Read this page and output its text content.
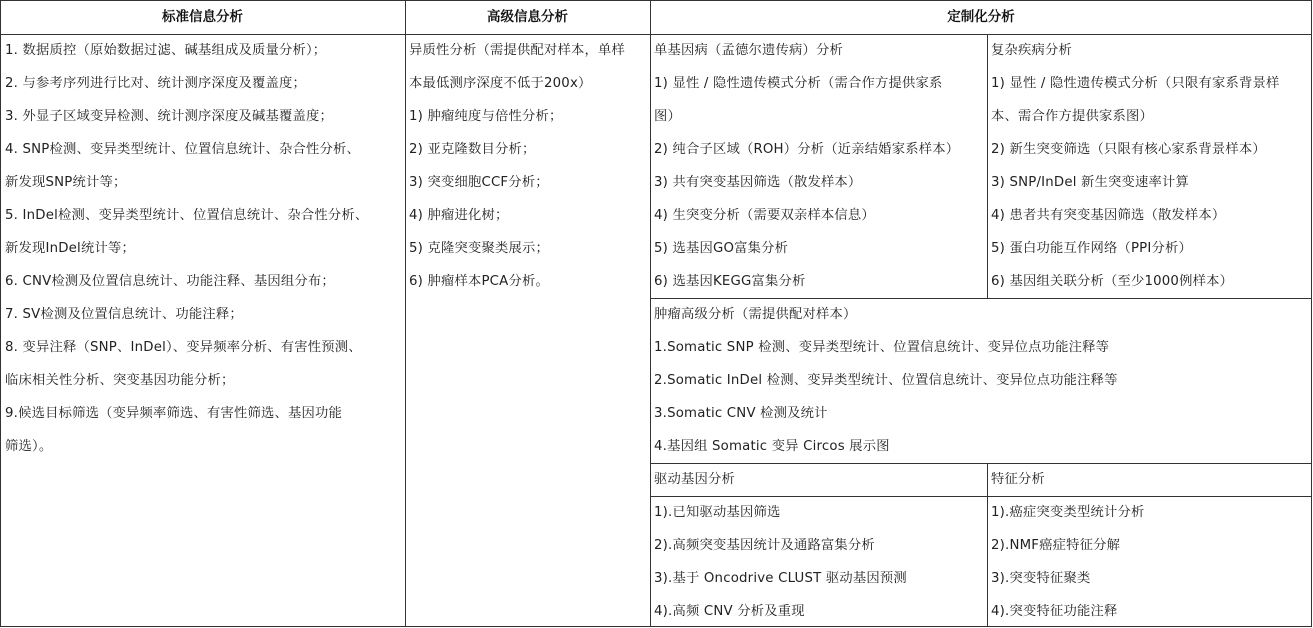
标准信息分析	高级信息分析	定制化分析
1. 数据质控（原始数据过滤、碱基组成及质量分析）；
2. 与参考序列进行比对、统计测序深度及覆盖度；
3. 外显子区域变异检测、统计测序深度及碱基覆盖度；
4. SNP检测、变异类型统计、位置信息统计、杂合性分析、
新发现SNP统计等；
5. InDel检测、变异类型统计、位置信息统计、杂合性分析、
新发现InDel统计等；
6. CNV检测及位置信息统计、功能注释、基因组分布；
7. SV检测及位置信息统计、功能注释；
8. 变异注释（SNP、InDel）、变异频率分析、有害性预测、
临床相关性分析、突变基因功能分析；
9.候选目标筛选（变异频率筛选、有害性筛选、基因功能
筛选）。
异质性分析（需提供配对样本，单样
本最低测序深度不低于200x）
1) 肿瘤纯度与倍性分析；
2) 亚克隆数目分析；
3) 突变细胞CCF分析；
4) 肿瘤进化树；
5) 克隆突变聚类展示；
6) 肿瘤样本PCA分析。
单基因病（孟德尔遗传病）分析
1) 显性 / 隐性遗传模式分析（需合作方提供家系
图）
2) 纯合子区域（ROH）分析（近亲结婚家系样本）
3) 共有突变基因筛选（散发样本）
4) 生突变分析（需要双亲样本信息）
5) 选基因GO富集分析
6) 选基因KEGG富集分析
复杂疾病分析
1) 显性 / 隐性遗传模式分析（只限有家系背景样
本、需合作方提供家系图）
2) 新生突变筛选（只限有核心家系背景样本）
3) SNP/InDel 新生突变速率计算
4) 患者共有突变基因筛选（散发样本）
5) 蛋白功能互作网络（PPI分析）
6) 基因组关联分析（至少1000例样本）
肿瘤高级分析（需提供配对样本）
1.Somatic SNP 检测、变异类型统计、位置信息统计、变异位点功能注释等
2.Somatic InDel 检测、变异类型统计、位置信息统计、变异位点功能注释等
3.Somatic CNV 检测及统计
4.基因组 Somatic 变异 Circos 展示图
驱动基因分析
1).已知驱动基因筛选
2).高频突变基因统计及通路富集分析
3).基于 Oncodrive CLUST 驱动基因预测
4).高频 CNV 分析及重现
特征分析
1).癌症突变类型统计分析
2).NMF癌症特征分解
3).突变特征聚类
4).突变特征功能注释
